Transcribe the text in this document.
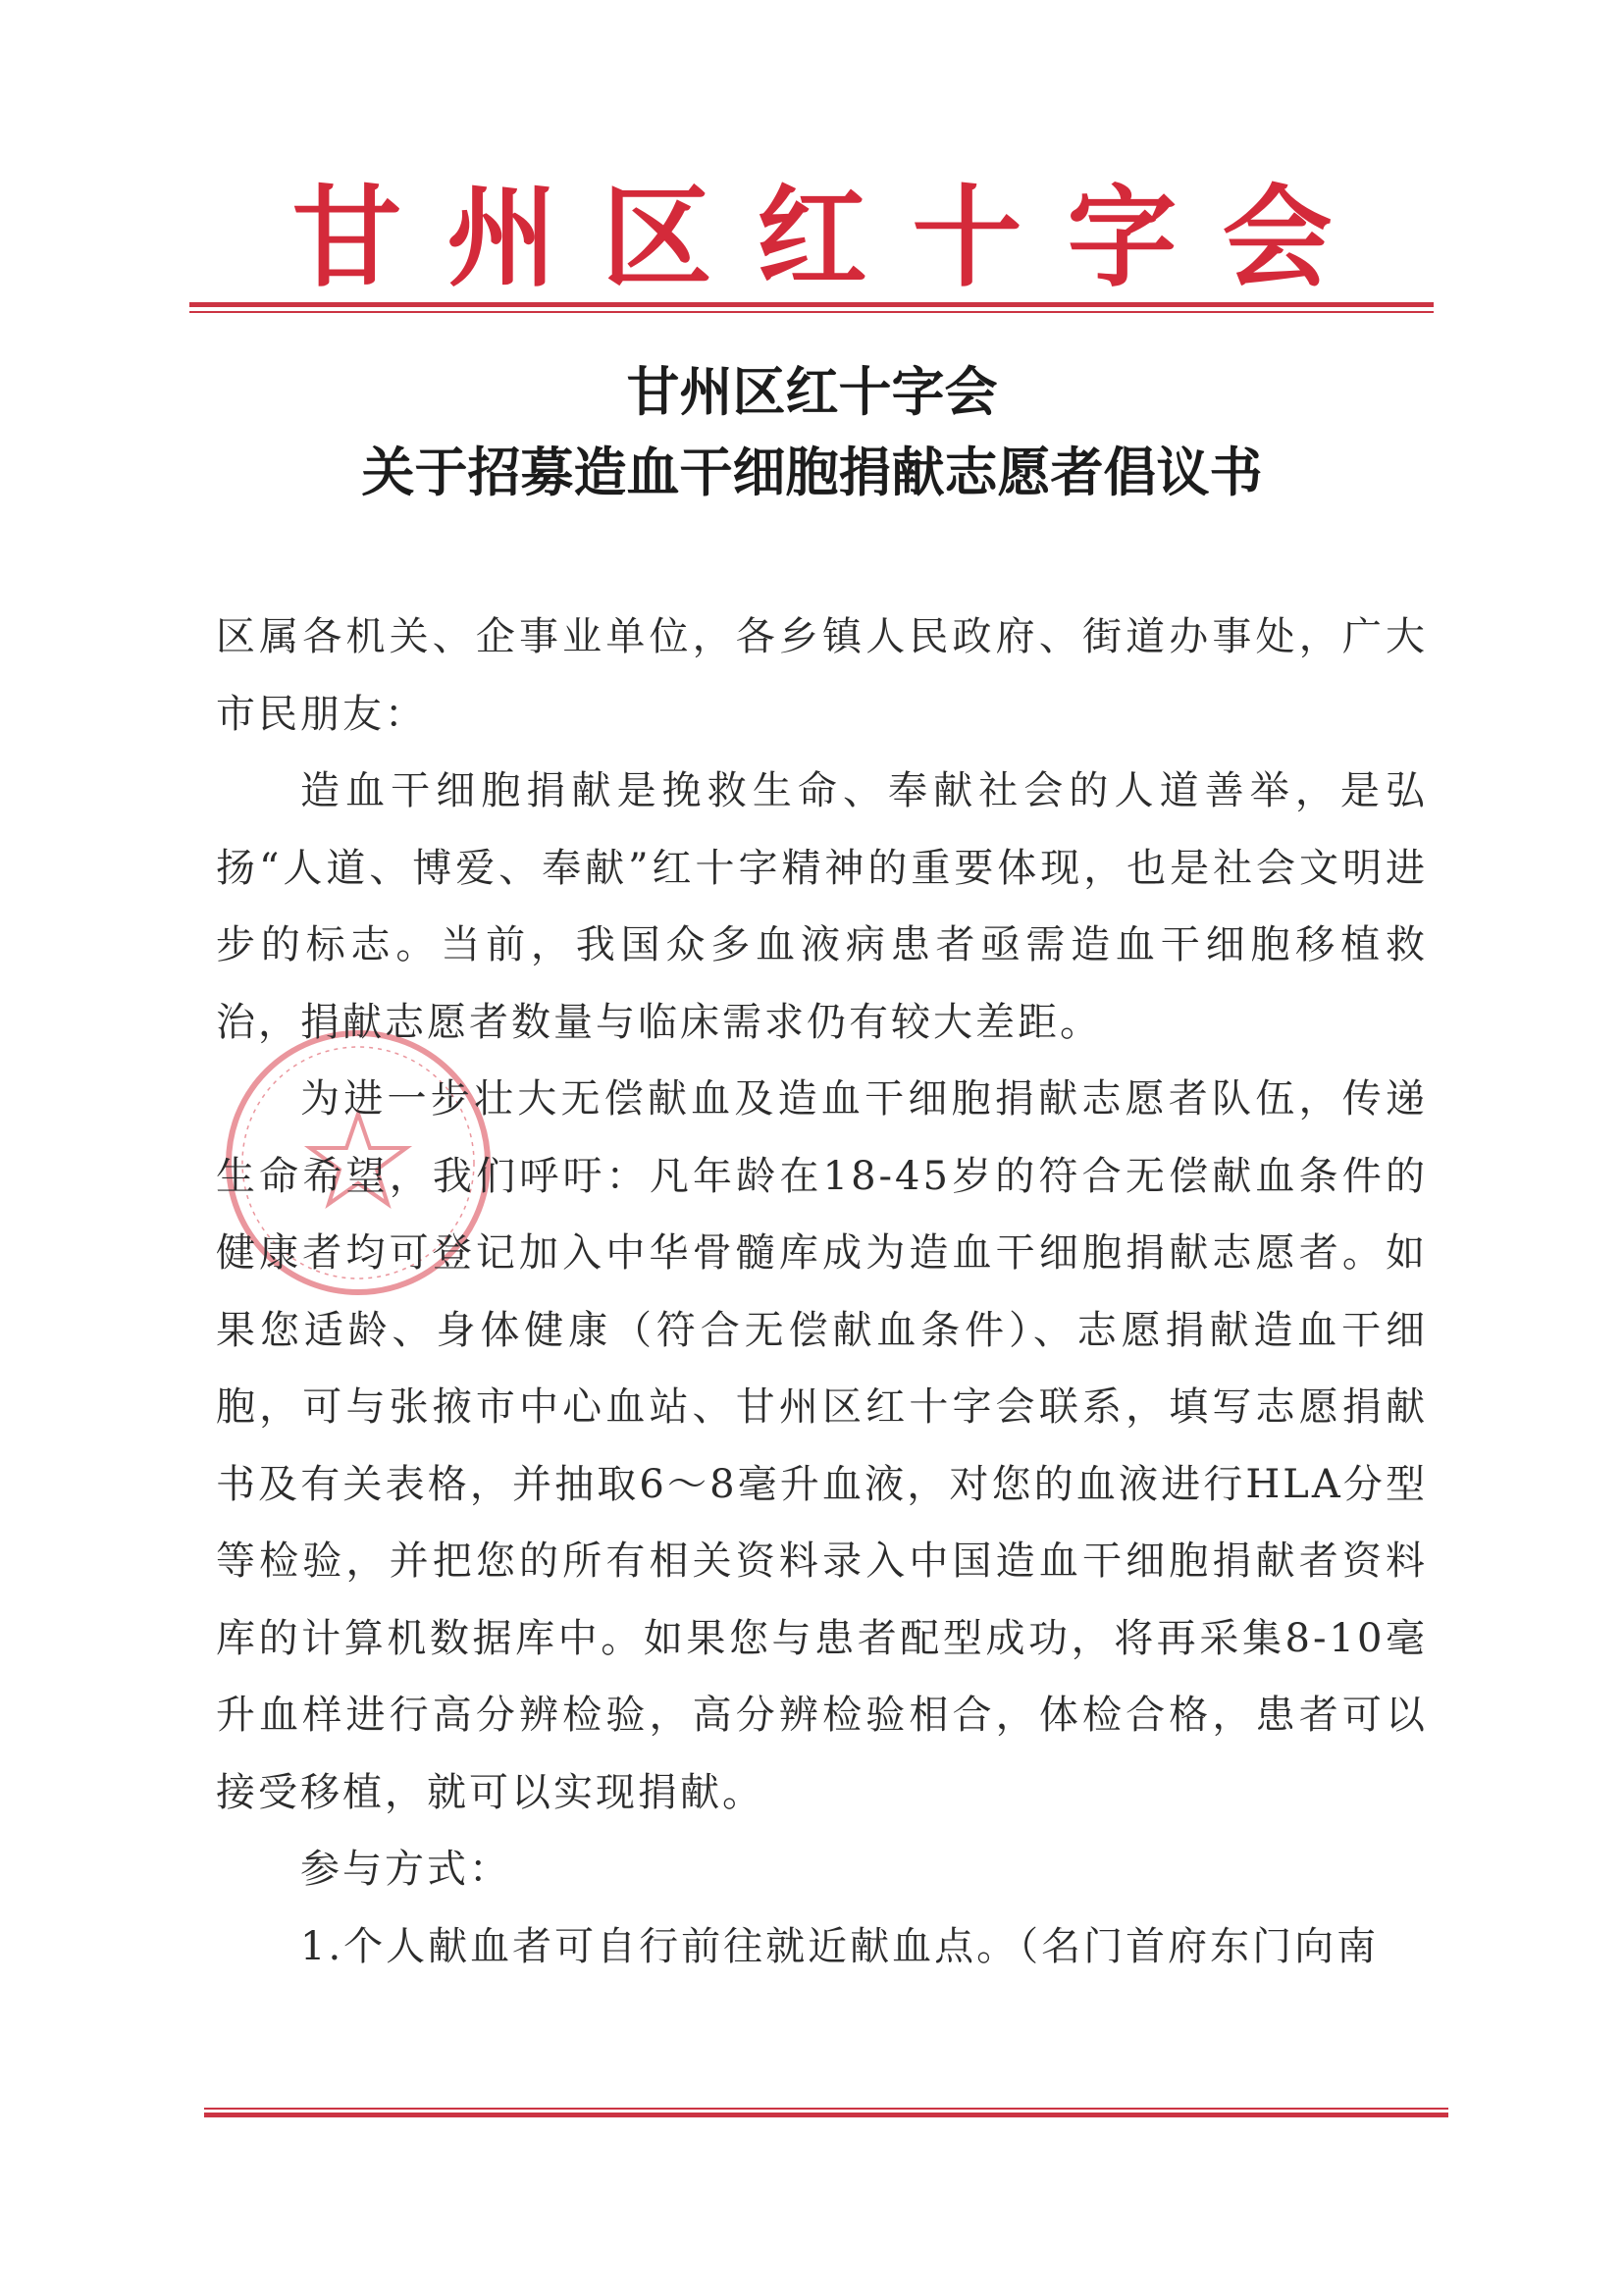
甘州区红十字会
甘州区红十字会
关于招募造血干细胞捐献志愿者倡议书

区属各机关、企事业单位，各乡镇人民政府、街道办事处，广大市民朋友：

造血干细胞捐献是挽救生命、奉献社会的人道善举，是弘扬“人道、博爱、奉献”红十字精神的重要体现，也是社会文明进步的标志。当前，我国众多血液病患者亟需造血干细胞移植救治，捐献志愿者数量与临床需求仍有较大差距。

为进一步壮大无偿献血及造血干细胞捐献志愿者队伍，传递生命希望，我们呼吁：凡年龄在18-45岁的符合无偿献血条件的健康者均可登记加入中华骨髓库成为造血干细胞捐献志愿者。如果您适龄、身体健康（符合无偿献血条件）、志愿捐献造血干细胞，可与张掖市中心血站、甘州区红十字会联系，填写志愿捐献书及有关表格，并抽取6～8毫升血液，对您的血液进行HLA分型等检验，并把您的所有相关资料录入中国造血干细胞捐献者资料库的计算机数据库中。如果您与患者配型成功，将再采集8-10毫升血样进行高分辨检验，高分辨检验相合，体检合格，患者可以接受移植，就可以实现捐献。

参与方式：

1.个人献血者可自行前往就近献血点。（名门首府东门向南
